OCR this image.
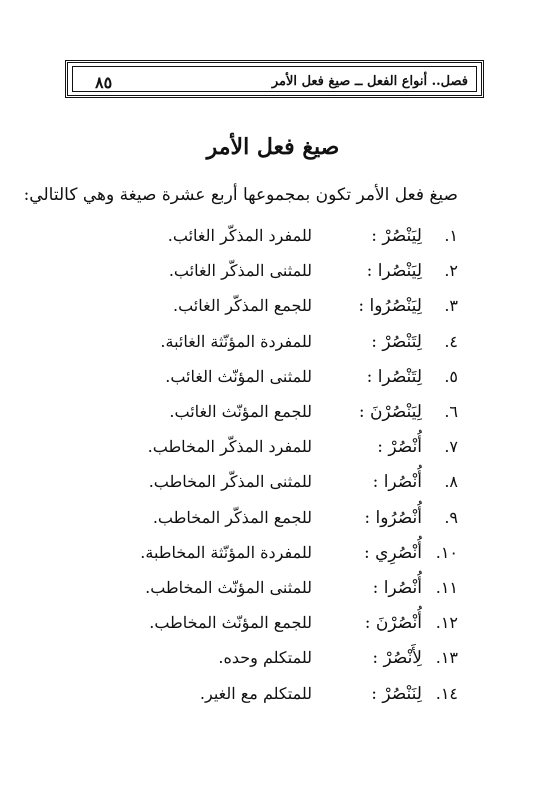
٨٥	فصل.. أنواع الفعل ــ صيغ فعل الأمر
صيغ فعل الأمر
صيغ فعل الأمر تكون بمجموعها أربع عشرة صيغة وهي كالتالي:
١.
لِيَنْصُرْ :
للمفرد المذكّر الغائب.
٢.
لِيَنْصُرا :
للمثنى المذكّر الغائب.
٣.
لِيَنْصُرُوا :
للجمع المذكّر الغائب.
٤.
لِتَنْصُرْ :
للمفردة المؤنّثة الغائبة.
٥.
لِتَنْصُرا :
للمثنى المؤنّث الغائب.
٦.
لِيَنْصُرْنَ :
للجمع المؤنّث الغائب.
٧.
أُنْصُرْ :
للمفرد المذكّر المخاطب.
٨.
أُنْصُرا :
للمثنى المذكّر المخاطب.
٩.
أُنْصُرُوا :
للجمع المذكّر المخاطب.
١٠.
أُنْصُرِي :
للمفردة المؤنّثة المخاطبة.
١١.
أُنْصُرا :
للمثنى المؤنّث المخاطب.
١٢.
أُنْصُرْنَ :
للجمع المؤنّث المخاطب.
١٣.
لِأَنْصُرْ :
للمتكلم وحده.
١٤.
لِنَنْصُرْ :
للمتكلم مع الغير.
